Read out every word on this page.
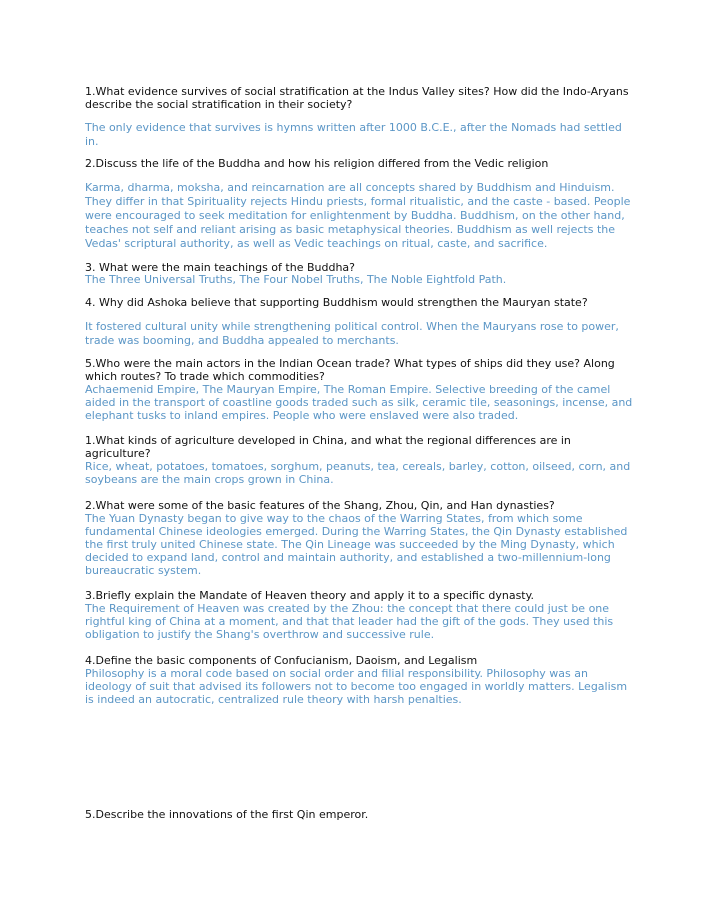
1.What evidence survives of social stratification at the Indus Valley sites? How did the Indo-Aryans describe the social stratification in their society?

The only evidence that survives is hymns written after 1000 B.C.E., after the Nomads had settled in.

2.Discuss the life of the Buddha and how his religion differed from the Vedic religion

Karma, dharma, moksha, and reincarnation are all concepts shared by Buddhism and Hinduism. They differ in that Spirituality rejects Hindu priests, formal ritualistic, and the caste - based. People were encouraged to seek meditation for enlightenment by Buddha. Buddhism, on the other hand, teaches not self and reliant arising as basic metaphysical theories. Buddhism as well rejects the Vedas' scriptural authority, as well as Vedic teachings on ritual, caste, and sacrifice.

3. What were the main teachings of the Buddha?

The Three Universal Truths, The Four Nobel Truths, The Noble Eightfold Path.

4. Why did Ashoka believe that supporting Buddhism would strengthen the Mauryan state?

It fostered cultural unity while strengthening political control. When the Mauryans rose to power, trade was booming, and Buddha appealed to merchants.

5.Who were the main actors in the Indian Ocean trade? What types of ships did they use? Along which routes? To trade which commodities?

Achaemenid Empire, The Mauryan Empire, The Roman Empire. Selective breeding of the camel aided in the transport of coastline goods traded such as silk, ceramic tile, seasonings, incense, and elephant tusks to inland empires. People who were enslaved were also traded.

1.What kinds of agriculture developed in China, and what the regional differences are in agriculture?

Rice, wheat, potatoes, tomatoes, sorghum, peanuts, tea, cereals, barley, cotton, oilseed, corn, and soybeans are the main crops grown in China.

2.What were some of the basic features of the Shang, Zhou, Qin, and Han dynasties?

The Yuan Dynasty began to give way to the chaos of the Warring States, from which some fundamental Chinese ideologies emerged. During the Warring States, the Qin Dynasty established the first truly united Chinese state. The Qin Lineage was succeeded by the Ming Dynasty, which decided to expand land, control and maintain authority, and established a two-millennium-long bureaucratic system.

3.Briefly explain the Mandate of Heaven theory and apply it to a specific dynasty.

The Requirement of Heaven was created by the Zhou: the concept that there could just be one rightful king of China at a moment, and that that leader had the gift of the gods. They used this obligation to justify the Shang's overthrow and successive rule.

4.Define the basic components of Confucianism, Daoism, and Legalism

Philosophy is a moral code based on social order and filial responsibility. Philosophy was an ideology of suit that advised its followers not to become too engaged in worldly matters. Legalism is indeed an autocratic, centralized rule theory with harsh penalties.

5.Describe the innovations of the first Qin emperor.
